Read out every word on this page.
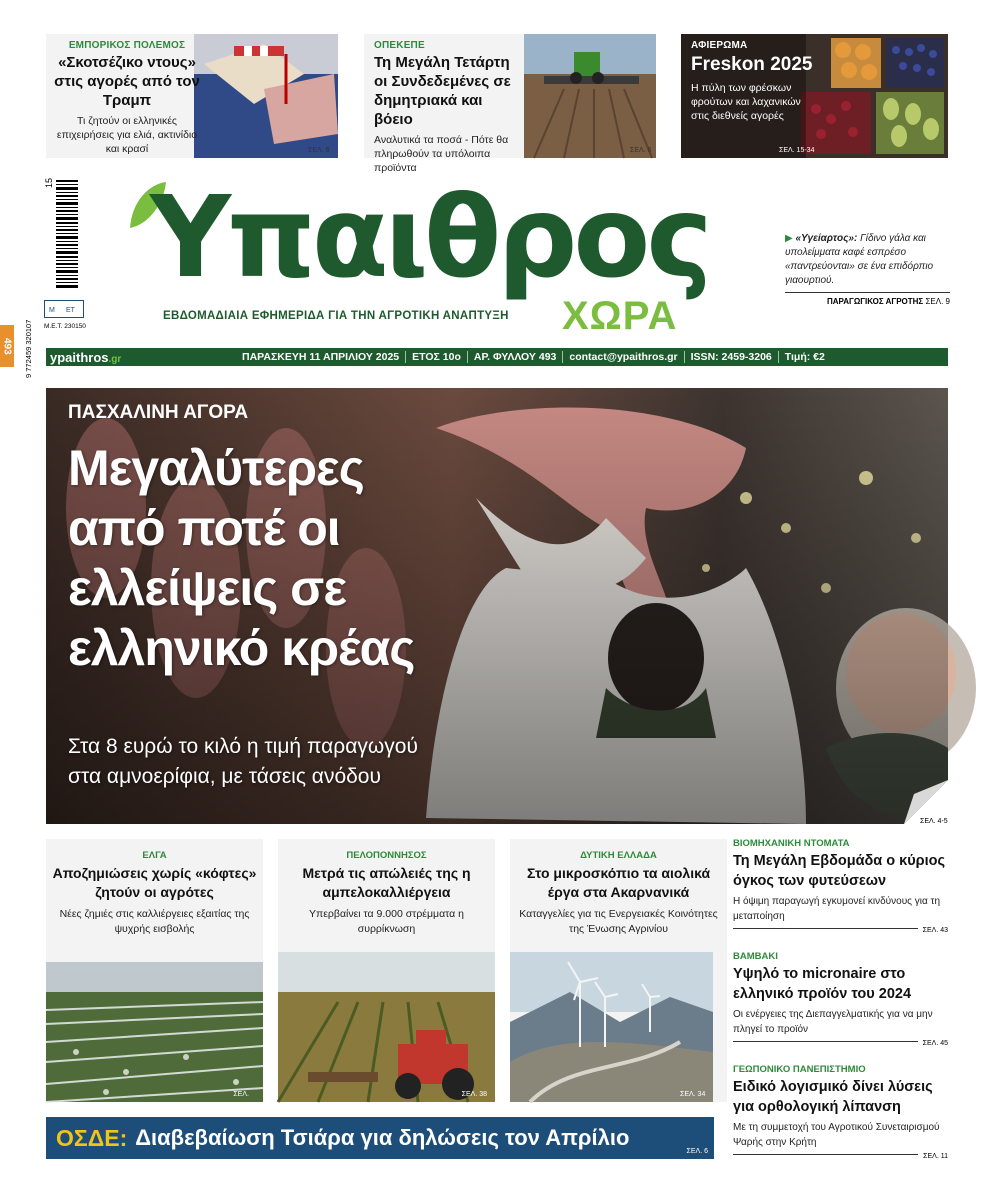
493
ΕΜΠΟΡΙΚΟΣ ΠΟΛΕΜΟΣ
«Σκοτσέζικο ντους» στις αγορές από τον Τραμπ
Τι ζητούν οι ελληνικές επιχειρήσεις για ελιά, ακτινίδιο και κρασί	ΣΕΛ. 8
ΟΠΕΚΕΠΕ
Τη Μεγάλη Τετάρτη οι Συνδεδεμένες σε δημητριακά και βόειο
Αναλυτικά τα ποσά - Πότε θα πληρωθούν τα υπόλοιπα προϊόντα
ΣΕΛ. 6
ΑΦΙΕΡΩΜΑ
Freskon 2025
Η πύλη των φρέσκων φρούτων και λαχανικών στις διεθνείς αγορές
ΣΕΛ. 15-34
15
9 772459 320107
Μ ΕΤ
Μ.Ε.Τ. 230150
Υπαιθρος
ΧΩΡΑ
ΕΒΔΟΜΑΔΙΑΙΑ ΕΦΗΜΕΡΙΔΑ ΓΙΑ ΤΗΝ ΑΓΡΟΤΙΚΗ ΑΝΑΠΤΥΞΗ
▶ «Υγείαρτος»: Γίδινο γάλα και υπολείμματα καφέ εσπρέσο «παντρεύονται» σε ένα επιδόρπιο γιαουρτιού.
ΠΑΡΑΓΩΓΙΚΟΣ ΑΓΡΟΤΗΣ ΣΕΛ. 9
ypaithros.gr	ΠΑΡΑΣΚΕΥΗ 11 ΑΠΡΙΛΙΟΥ 2025	ΕΤΟΣ 10ο	ΑΡ. ΦΥΛΛΟΥ 493	contact@ypaithros.gr	ISSN: 2459-3206	Τιμή: €2
ΠΑΣΧΑΛΙΝΗ ΑΓΟΡΑ
Μεγαλύτερες
από ποτέ οι
ελλείψεις σε
ελληνικό κρέας
Στα 8 ευρώ το κιλό η τιμή παραγωγού
στα αμνοερίφια, με τάσεις ανόδου
ΣΕΛ. 4-5
ΕΛΓΑ
Αποζημιώσεις χωρίς «κόφτες» ζητούν οι αγρότες
Νέες ζημιές στις καλλιέργειες εξαιτίας της ψυχρής εισβολής
ΣΕΛ.
ΠΕΛΟΠΟΝΝΗΣΟΣ
Μετρά τις απώλειές της η αμπελοκαλλιέργεια
Υπερβαίνει τα 9.000 στρέμματα η συρρίκνωση
ΣΕΛ. 38
ΔΥΤΙΚΗ ΕΛΛΑΔΑ
Στο μικροσκόπιο τα αιολικά έργα στα Ακαρνανικά
Καταγγελίες για τις Ενεργειακές Κοινότητες της Ένωσης Αγρινίου
ΣΕΛ. 34
ΒΙΟΜΗΧΑΝΙΚΗ ΝΤΟΜΑΤΑ
Τη Μεγάλη Εβδομάδα ο κύριος όγκος των φυτεύσεων
Η όψιμη παραγωγή εγκυμονεί κινδύνους για τη μεταποίηση
ΣΕΛ. 43
ΒΑΜΒΑΚΙ
Υψηλό το micronaire στο ελληνικό προϊόν του 2024
Οι ενέργειες της Διεπαγγελματικής για να μην πληγεί το προϊόν
ΣΕΛ. 45
ΓΕΩΠΟΝΙΚΟ ΠΑΝΕΠΙΣΤΗΜΙΟ
Ειδικό λογισμικό δίνει λύσεις για ορθολογική λίπανση
Με τη συμμετοχή του Αγροτικού Συνεταιρισμού Ψαρής στην Κρήτη
ΣΕΛ. 11
ΟΣΔΕ: Διαβεβαίωση Τσιάρα για δηλώσεις τον Απρίλιο
ΣΕΛ. 6
